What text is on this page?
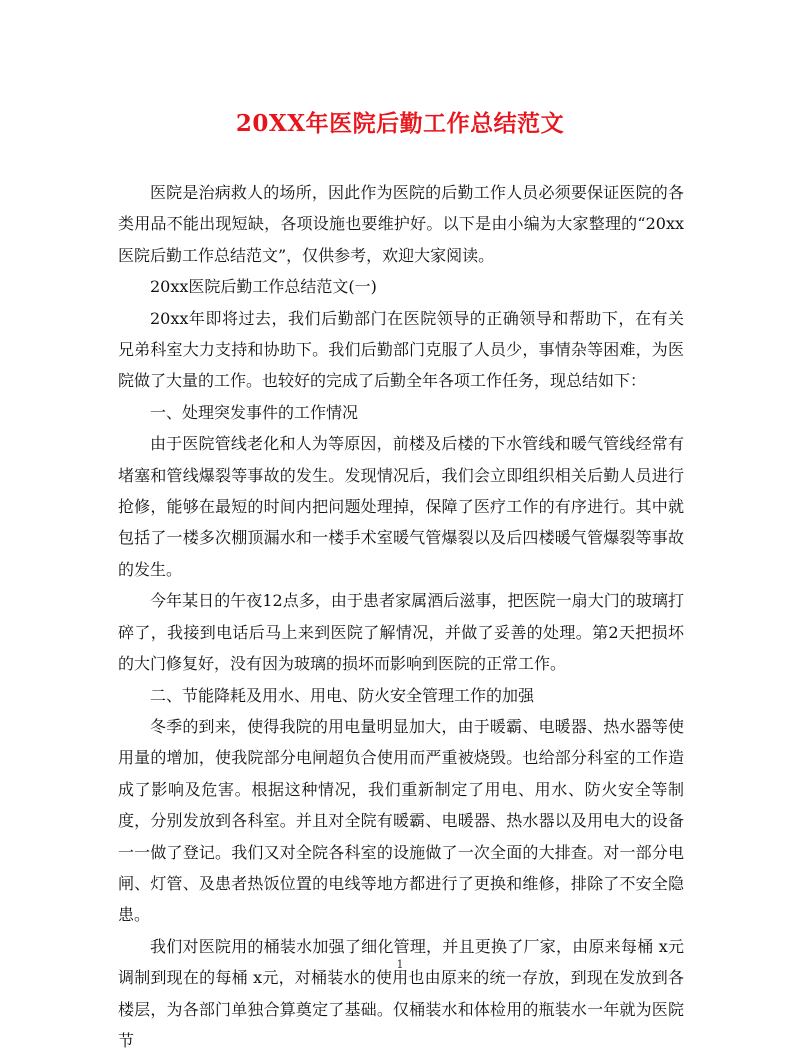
20XX年医院后勤工作总结范文

医院是治病救人的场所，因此作为医院的后勤工作人员必须要保证医院的各类用品不能出现短缺，各项设施也要维护好。以下是由小编为大家整理的“20xx医院后勤工作总结范文”，仅供参考，欢迎大家阅读。

20xx医院后勤工作总结范文(一)

20xx年即将过去，我们后勤部门在医院领导的正确领导和帮助下，在有关兄弟科室大力支持和协助下。我们后勤部门克服了人员少，事情杂等困难，为医院做了大量的工作。也较好的完成了后勤全年各项工作任务，现总结如下：

一、处理突发事件的工作情况

由于医院管线老化和人为等原因，前楼及后楼的下水管线和暖气管线经常有堵塞和管线爆裂等事故的发生。发现情况后，我们会立即组织相关后勤人员进行抢修，能够在最短的时间内把问题处理掉，保障了医疗工作的有序进行。其中就包括了一楼多次棚顶漏水和一楼手术室暖气管爆裂以及后四楼暖气管爆裂等事故的发生。

今年某日的午夜12点多，由于患者家属酒后滋事，把医院一扇大门的玻璃打碎了，我接到电话后马上来到医院了解情况，并做了妥善的处理。第2天把损坏的大门修复好，没有因为玻璃的损坏而影响到医院的正常工作。

二、节能降耗及用水、用电、防火安全管理工作的加强

冬季的到来，使得我院的用电量明显加大，由于暖霸、电暖器、热水器等使用量的增加，使我院部分电闸超负合使用而严重被烧毁。也给部分科室的工作造成了影响及危害。根据这种情况，我们重新制定了用电、用水、防火安全等制度，分别发放到各科室。并且对全院有暖霸、电暖器、热水器以及用电大的设备一一做了登记。我们又对全院各科室的设施做了一次全面的大排查。对一部分电闸、灯管、及患者热饭位置的电线等地方都进行了更换和维修，排除了不安全隐患。

我们对医院用的桶装水加强了细化管理，并且更换了厂家，由原来每桶 x元调制到现在的每桶 x元，对桶装水的使用也由原来的统一存放，到现在发放到各楼层，为各部门单独合算奠定了基础。仅桶装水和体检用的瓶装水一年就为医院节

1
